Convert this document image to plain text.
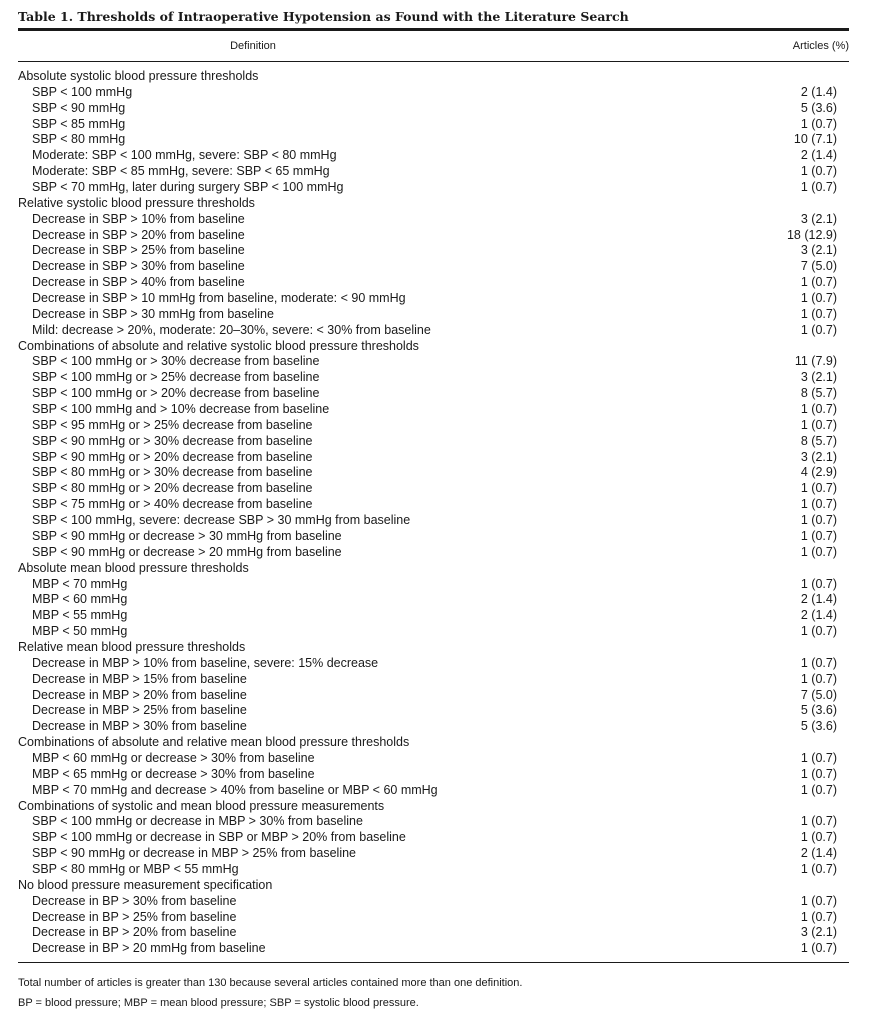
Table 1. Thresholds of Intraoperative Hypotension as Found with the Literature Search
Definition	Articles (%)
Absolute systolic blood pressure thresholds
SBP < 100 mmHg	2 (1.4)
SBP < 90 mmHg	5 (3.6)
SBP < 85 mmHg	1 (0.7)
SBP < 80 mmHg	10 (7.1)
Moderate: SBP < 100 mmHg, severe: SBP < 80 mmHg	2 (1.4)
Moderate: SBP < 85 mmHg, severe: SBP < 65 mmHg	1 (0.7)
SBP < 70 mmHg, later during surgery SBP < 100 mmHg	1 (0.7)
Relative systolic blood pressure thresholds
Decrease in SBP > 10% from baseline	3 (2.1)
Decrease in SBP > 20% from baseline	18 (12.9)
Decrease in SBP > 25% from baseline	3 (2.1)
Decrease in SBP > 30% from baseline	7 (5.0)
Decrease in SBP > 40% from baseline	1 (0.7)
Decrease in SBP > 10 mmHg from baseline, moderate: < 90 mmHg	1 (0.7)
Decrease in SBP > 30 mmHg from baseline	1 (0.7)
Mild: decrease > 20%, moderate: 20–30%, severe: < 30% from baseline	1 (0.7)
Combinations of absolute and relative systolic blood pressure thresholds
SBP < 100 mmHg or > 30% decrease from baseline	11 (7.9)
SBP < 100 mmHg or > 25% decrease from baseline	3 (2.1)
SBP < 100 mmHg or > 20% decrease from baseline	8 (5.7)
SBP < 100 mmHg and > 10% decrease from baseline	1 (0.7)
SBP < 95 mmHg or > 25% decrease from baseline	1 (0.7)
SBP < 90 mmHg or > 30% decrease from baseline	8 (5.7)
SBP < 90 mmHg or > 20% decrease from baseline	3 (2.1)
SBP < 80 mmHg or > 30% decrease from baseline	4 (2.9)
SBP < 80 mmHg or > 20% decrease from baseline	1 (0.7)
SBP < 75 mmHg or > 40% decrease from baseline	1 (0.7)
SBP < 100 mmHg, severe: decrease SBP > 30 mmHg from baseline	1 (0.7)
SBP < 90 mmHg or decrease > 30 mmHg from baseline	1 (0.7)
SBP < 90 mmHg or decrease > 20 mmHg from baseline	1 (0.7)
Absolute mean blood pressure thresholds
MBP < 70 mmHg	1 (0.7)
MBP < 60 mmHg	2 (1.4)
MBP < 55 mmHg	2 (1.4)
MBP < 50 mmHg	1 (0.7)
Relative mean blood pressure thresholds
Decrease in MBP > 10% from baseline, severe: 15% decrease	1 (0.7)
Decrease in MBP > 15% from baseline	1 (0.7)
Decrease in MBP > 20% from baseline	7 (5.0)
Decrease in MBP > 25% from baseline	5 (3.6)
Decrease in MBP > 30% from baseline	5 (3.6)
Combinations of absolute and relative mean blood pressure thresholds
MBP < 60 mmHg or decrease > 30% from baseline	1 (0.7)
MBP < 65 mmHg or decrease > 30% from baseline	1 (0.7)
MBP < 70 mmHg and decrease > 40% from baseline or MBP < 60 mmHg	1 (0.7)
Combinations of systolic and mean blood pressure measurements
SBP < 100 mmHg or decrease in MBP > 30% from baseline	1 (0.7)
SBP < 100 mmHg or decrease in SBP or MBP > 20% from baseline	1 (0.7)
SBP < 90 mmHg or decrease in MBP > 25% from baseline	2 (1.4)
SBP < 80 mmHg or MBP < 55 mmHg	1 (0.7)
No blood pressure measurement specification
Decrease in BP > 30% from baseline	1 (0.7)
Decrease in BP > 25% from baseline	1 (0.7)
Decrease in BP > 20% from baseline	3 (2.1)
Decrease in BP > 20 mmHg from baseline	1 (0.7)

Total number of articles is greater than 130 because several articles contained more than one definition.

BP = blood pressure; MBP = mean blood pressure; SBP = systolic blood pressure.
